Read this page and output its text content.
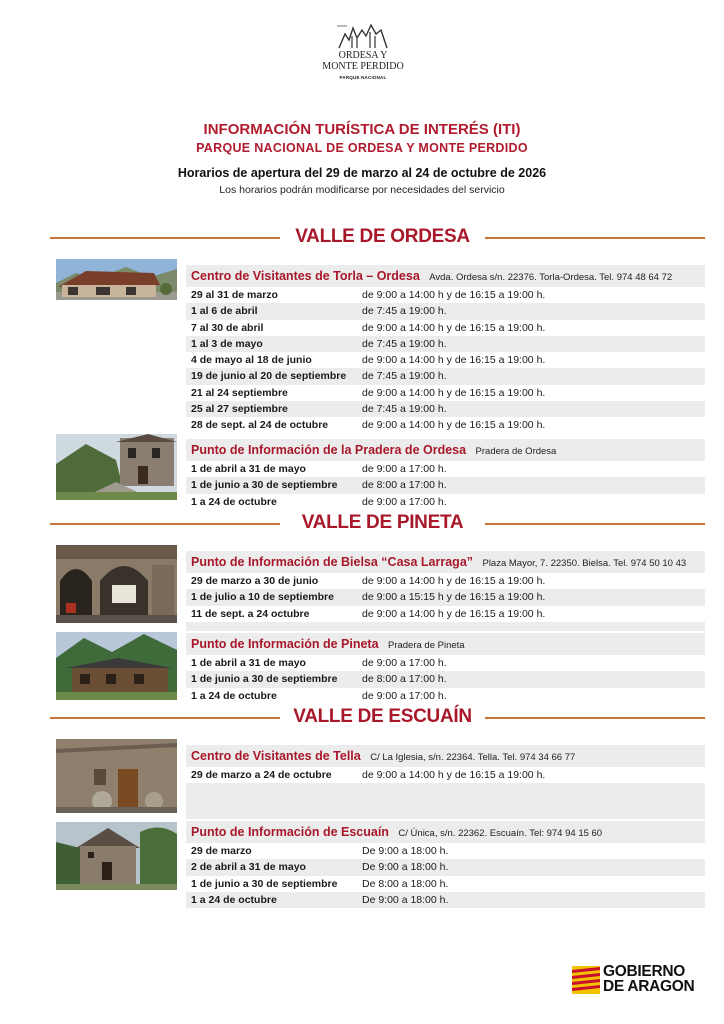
ORDESA Y
MONTE PERDIDO
PARQUE NACIONAL
INFORMACIÓN TURÍSTICA DE INTERÉS (ITI)
PARQUE NACIONAL DE ORDESA Y MONTE PERDIDO
Horarios de apertura del 29 de marzo al 24 de octubre de 2026
Los horarios podrán modificarse por necesidades del servicio
VALLE DE ORDESA
Centro de Visitantes de Torla – Ordesa Avda. Ordesa s/n. 22376. Torla-Ordesa. Tel. 974 48 64 72
29 al 31 de marzo	de 9:00 a 14:00 h y de 16:15 a 19:00 h.
1 al 6 de abril	de 7:45 a 19:00 h.
7 al 30 de abril	de 9:00 a 14:00 h y de 16:15 a 19:00 h.
1 al 3 de mayo	de 7:45 a 19:00 h.
4 de mayo al 18 de junio	de 9:00 a 14:00 h y de 16:15 a 19:00 h.
19 de junio al 20 de septiembre de 7:45 a 19:00 h.
21 al 24 septiembre	de 9:00 a 14:00 h y de 16:15 a 19:00 h.
25 al 27 septiembre	de 7:45 a 19:00 h.
28 de sept. al 24 de octubre	de 9:00 a 14:00 h y de 16:15 a 19:00 h.
Punto de Información de la Pradera de Ordesa Pradera de Ordesa
1 de abril a 31 de mayo	de 9:00 a 17:00 h.
1 de junio a 30 de septiembre de 8:00 a 17:00 h.
1 a 24 de octubre	de 9:00 a 17:00 h.
VALLE DE PINETA
Punto de Información de Bielsa “Casa Larraga” Plaza Mayor, 7. 22350. Bielsa. Tel. 974 50 10 43
29 de marzo a 30 de junio	de 9:00 a 14:00 h y de 16:15 a 19:00 h.
1 de julio a 10 de septiembre	de 9:00 a 15:15 h y de 16:15 a 19:00 h.
11 de sept. a 24 octubre	de 9:00 a 14:00 h y de 16:15 a 19:00 h.
Punto de Información de Pineta Pradera de Pineta
1 de abril a 31 de mayo	de 9:00 a 17:00 h.
1 de junio a 30 de septiembre de 8:00 a 17:00 h.
1 a 24 de octubre	de 9:00 a 17:00 h.
VALLE DE ESCUAÍN
Centro de Visitantes de Tella C/ La Iglesia, s/n. 22364. Tella. Tel. 974 34 66 77
29 de marzo a 24 de octubre	de 9:00 a 14:00 h y de 16:15 a 19:00 h.
Punto de Información de Escuaín C/ Única, s/n. 22362. Escuaín. Tel: 974 94 15 60
29 de marzo	De 9:00 a 18:00 h.
2 de abril a 31 de mayo	De 9:00 a 18:00 h.
1 de junio a 30 de septiembre De 8:00 a 18:00 h.
1 a 24 de octubre	De 9:00 a 18:00 h.
GOBIERNO
DE ARAGON
